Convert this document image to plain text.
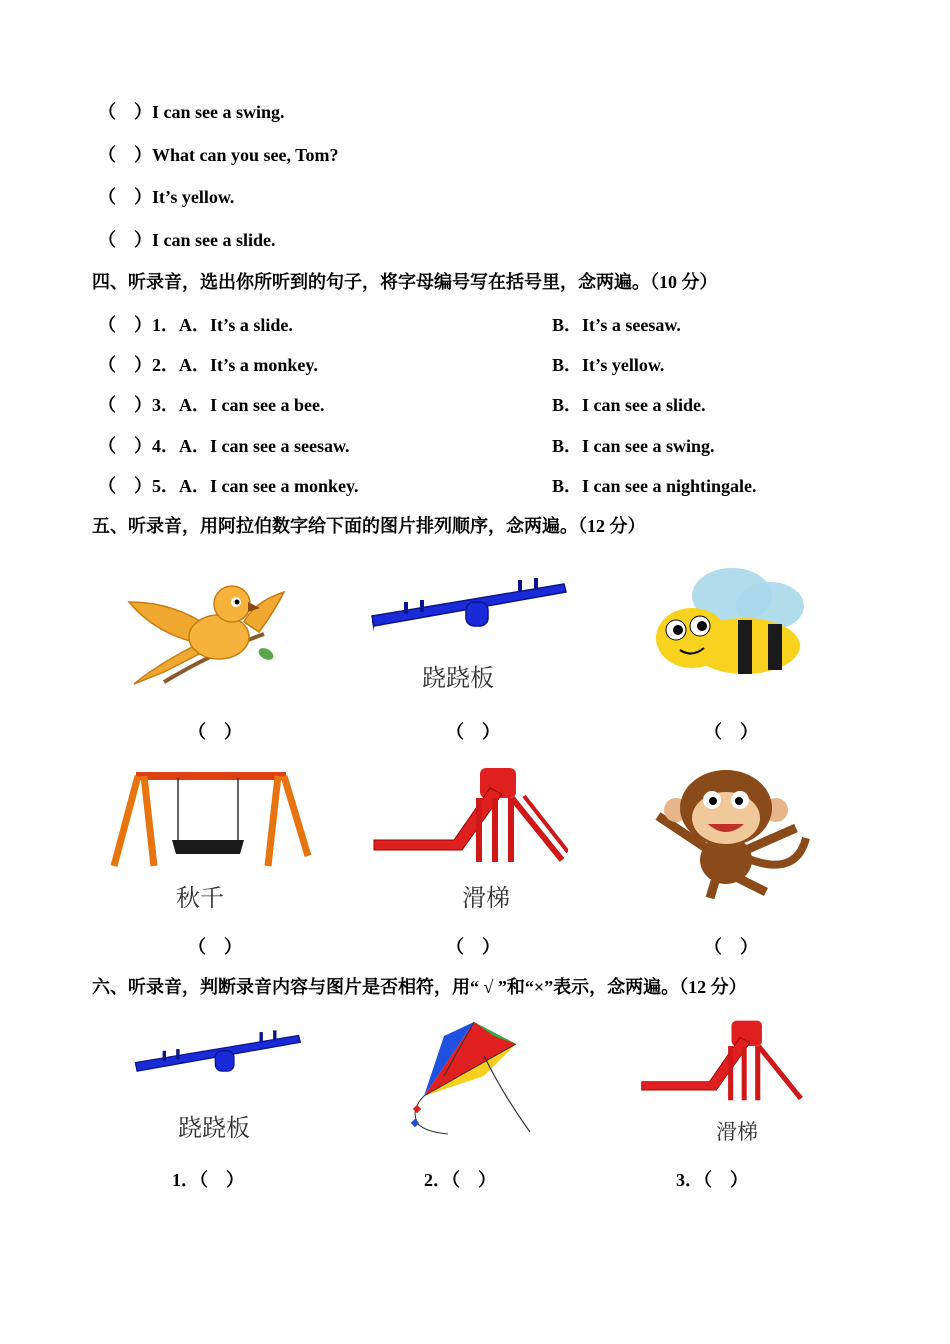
（　）I can see a swing.
（　）What can you see, Tom?
（　）It’s yellow.
（　）I can see a slide.
四、听录音，选出你所听到的句子，将字母编号写在括号里，念两遍。（10 分）
（　）1．A．It’s a slide.	B．It’s a seesaw.
（　）2．A．It’s a monkey.	B．It’s yellow.
（　）3．A．I can see a bee.	B．I can see a slide.
（　）4．A．I can see a seesaw.	B．I can see a swing.
（　）5．A．I can see a monkey.	B．I can see a nightingale.
五、听录音，用阿拉伯数字给下面的图片排列顺序，念两遍。（12 分）
（　）
跷跷板
（　）	（　）
秋千
（　）
滑梯
（　）	（　）
六、听录音，判断录音内容与图片是否相符，用“ √ ”和“×”表示，念两遍。（12 分）
跷跷板	滑梯
1．（　）	2．（　）	3．（　）
